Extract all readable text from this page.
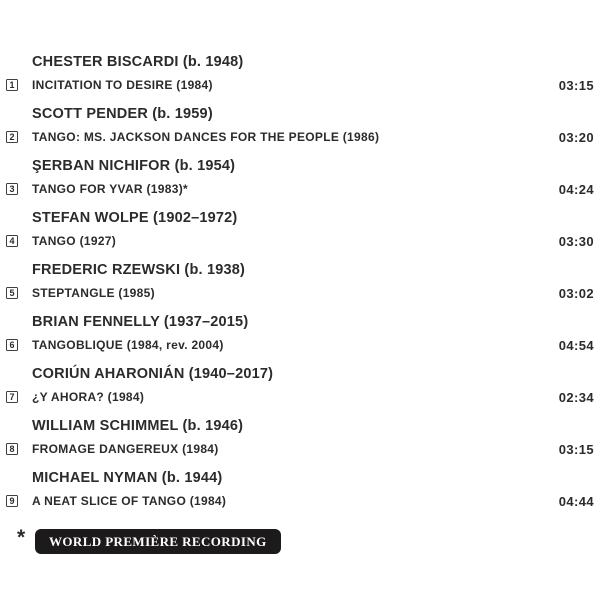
CHESTER BISCARDI (b. 1948)
1 INCITATION TO DESIRE (1984)	03:15
SCOTT PENDER (b. 1959)
2 TANGO: MS. JACKSON DANCES FOR THE PEOPLE (1986)	03:20
ŞERBAN NICHIFOR (b. 1954)
3 TANGO FOR YVAR (1983)*	04:24
STEFAN WOLPE (1902–1972)
4 TANGO (1927)	03:30
FREDERIC RZEWSKI (b. 1938)
5 STEPTANGLE (1985)	03:02
BRIAN FENNELLY (1937–2015)
6 TANGOBLIQUE (1984, rev. 2004)	04:54
CORIÚN AHARONIÁN (1940–2017)
7 ¿Y AHORA? (1984)	02:34
WILLIAM SCHIMMEL (b. 1946)
8 FROMAGE DANGEREUX (1984)	03:15
MICHAEL NYMAN (b. 1944)
9 A NEAT SLICE OF TANGO (1984)	04:44
* WORLD PREMIÈRE RECORDING
